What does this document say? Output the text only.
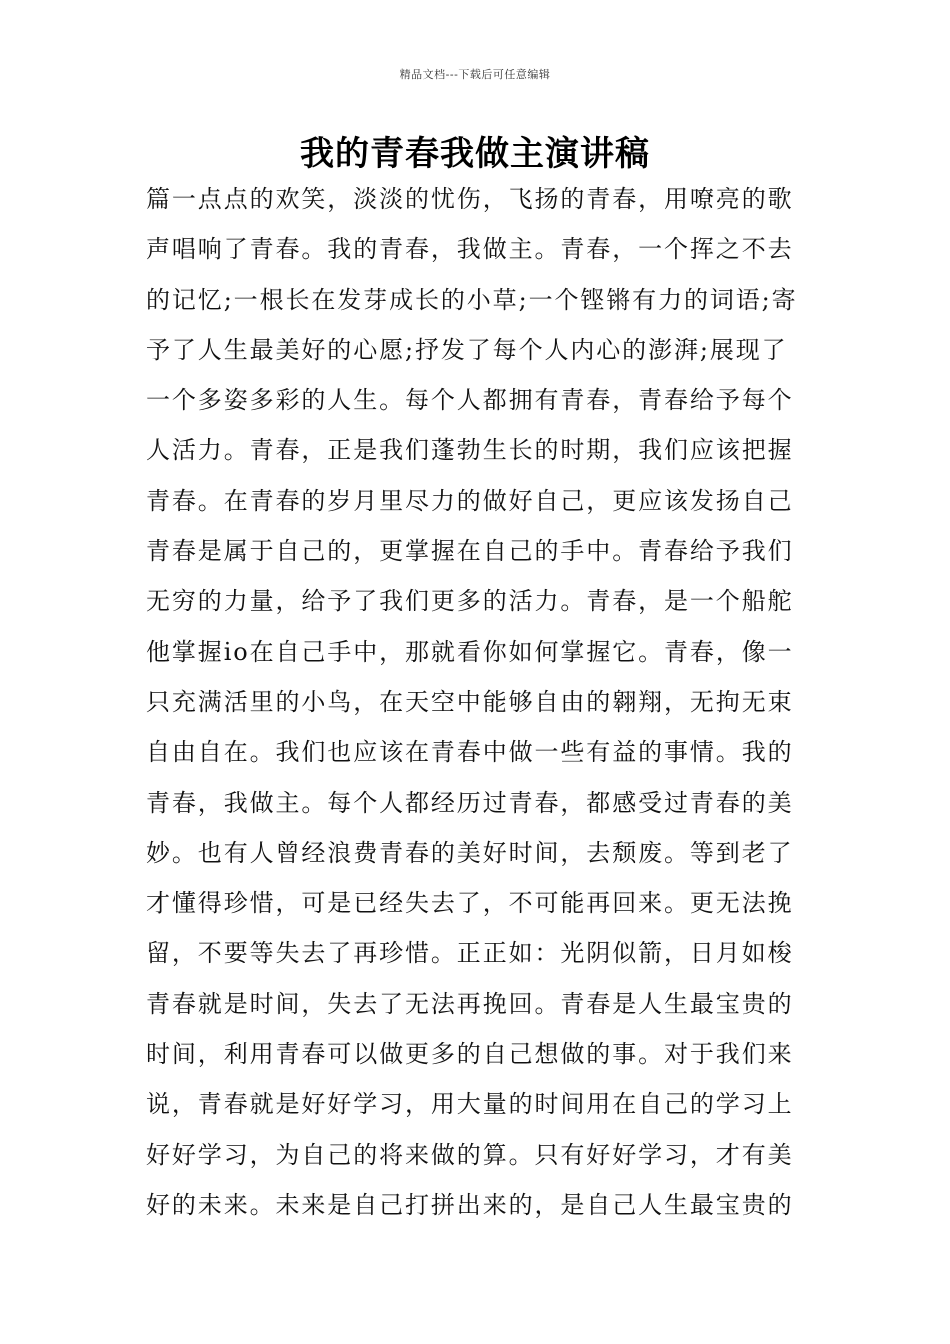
精品文档---下载后可任意编辑
我的青春我做主演讲稿
篇一点点的欢笑，淡淡的忧伤，飞扬的青春，用嘹亮的歌
声唱响了青春。我的青春，我做主。青春，一个挥之不去
的记忆;一根长在发芽成长的小草;一个铿锵有力的词语;寄
予了人生最美好的心愿;抒发了每个人内心的澎湃;展现了
一个多姿多彩的人生。每个人都拥有青春，青春给予每个
人活力。青春，正是我们蓬勃生长的时期，我们应该把握
青春。在青春的岁月里尽力的做好自己，更应该发扬自己
青春是属于自己的，更掌握在自己的手中。青春给予我们
无穷的力量，给予了我们更多的活力。青春，是一个船舵
他掌握io在自己手中，那就看你如何掌握它。青春，像一
只充满活里的小鸟，在天空中能够自由的翱翔，无拘无束
自由自在。我们也应该在青春中做一些有益的事情。我的
青春，我做主。每个人都经历过青春，都感受过青春的美
妙。也有人曾经浪费青春的美好时间，去颓废。等到老了
才懂得珍惜，可是已经失去了，不可能再回来。更无法挽
留，不要等失去了再珍惜。正正如：光阴似箭，日月如梭
青春就是时间，失去了无法再挽回。青春是人生最宝贵的
时间，利用青春可以做更多的自己想做的事。对于我们来
说，青春就是好好学习，用大量的时间用在自己的学习上
好好学习，为自己的将来做的算。只有好好学习，才有美
好的未来。未来是自己打拼出来的，是自己人生最宝贵的
